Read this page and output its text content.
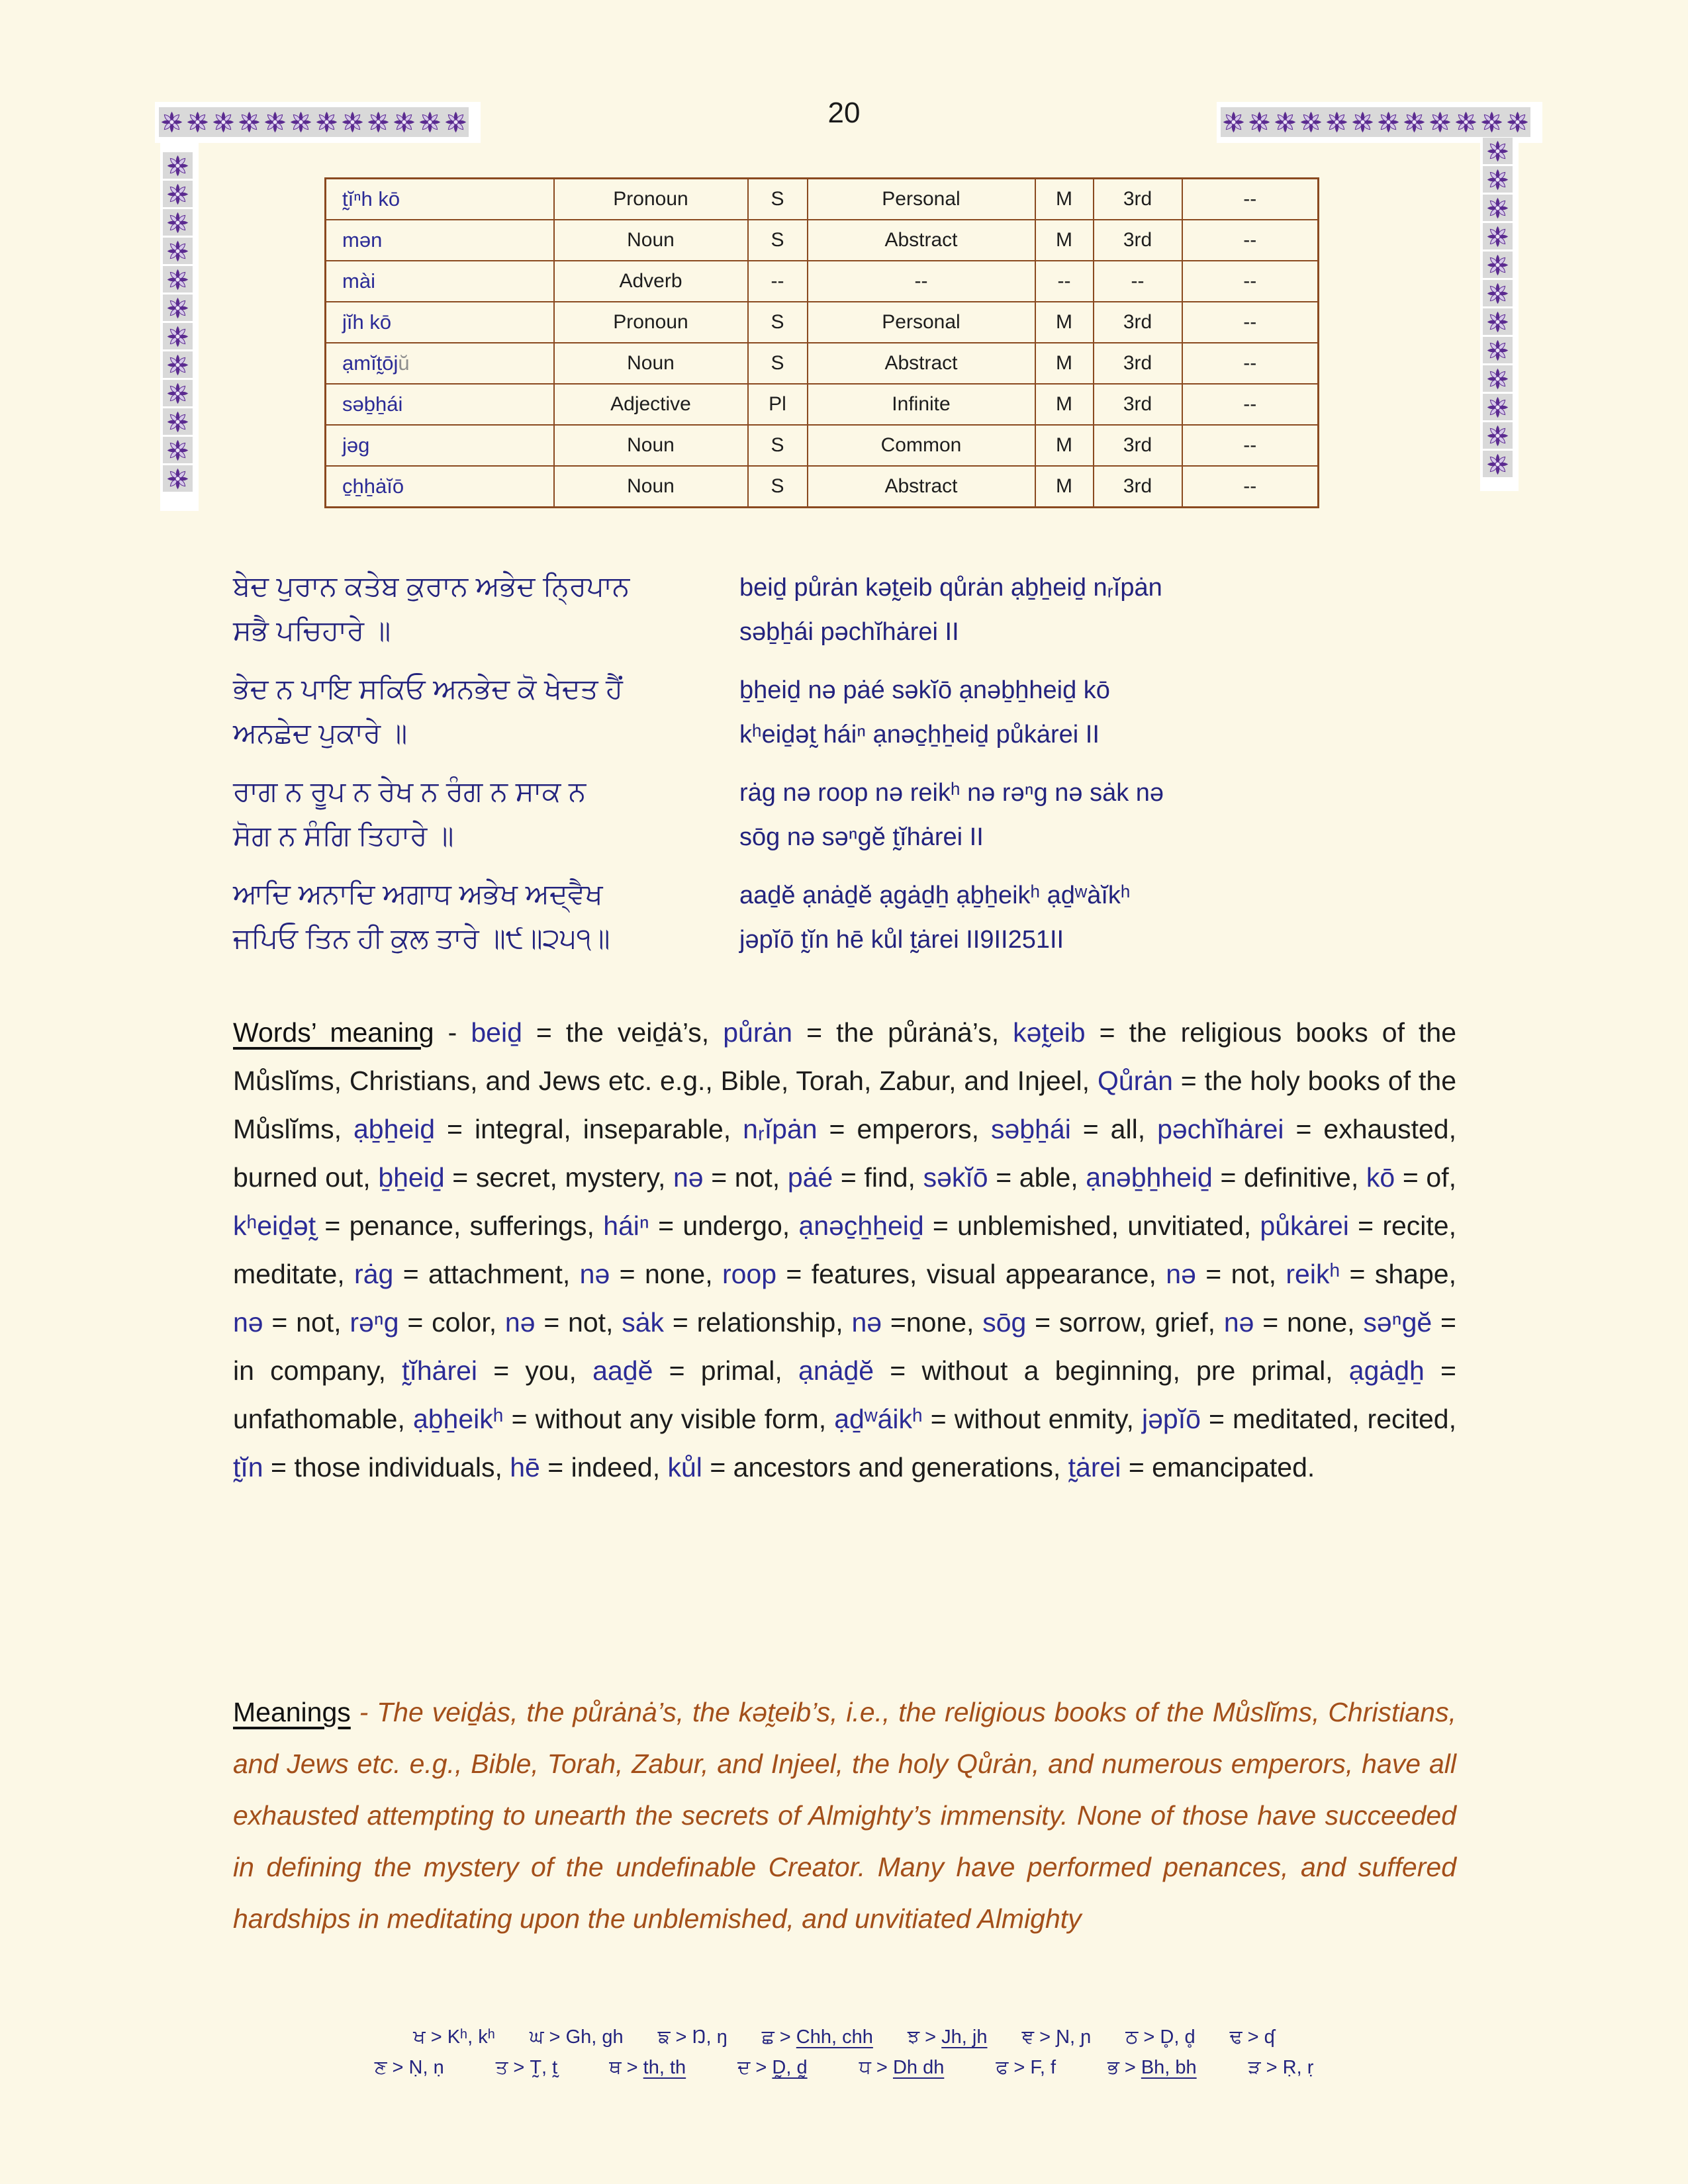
20
t̰ĭⁿh kō	Pronoun	S	Personal	M	3rd	--
mən	Noun	S	Abstract	M	3rd	--
mài	Adverb	--	--	--	--	--
jĭh kō	Pronoun	S	Personal	M	3rd	--
ạmĭt̰ōjŭ	Noun	S	Abstract	M	3rd	--
səḇẖái	Adjective	Pl	Infinite	M	3rd	--
jəg	Noun	S	Common	M	3rd	--
c̱ẖẖȧĭō	Noun	S	Abstract	M	3rd	--
ਬੇਦ ਪੁਰਾਨ ਕਤੇਬ ਕੁਰਾਨ ਅਭੇਦ ਨ੍ਰਿਪਾਨ
ਸਭੈ ਪਚਿਹਾਰੇ ॥
beiḏ půrȧn kət̰eib qůrȧn ạḇẖeiḏ nᵣĭpȧn
səḇẖái pəchĭhȧrei II
ਭੇਦ ਨ ਪਾਇ ਸਕਿਓ ਅਨਭੇਦ ਕੋ ਖੇਦਤ ਹੈਂ
ਅਨਛੇਦ ਪੁਕਾਰੇ ॥
ḇẖeiḏ nə pȧé səkĭō ạnəḇẖheiḏ kō
kʰeiḏət̰ háiⁿ ạnəc̱ẖẖeiḏ půkȧrei II
ਰਾਗ ਨ ਰੂਪ ਨ ਰੇਖ ਨ ਰੰਗ ਨ ਸਾਕ ਨ
ਸੋਗ ਨ ਸੰਗਿ ਤਿਹਾਰੇ ॥
rȧg nə roop nə reikʰ nə rəⁿg nə sȧk nə
sōg nə səⁿgĕ t̰ĭhȧrei II
ਆਦਿ ਅਨਾਦਿ ਅਗਾਧ ਅਭੇਖ ਅਦ੍ਵੈਖ
ਜਪਿਓ ਤਿਨ ਹੀ ਕੁਲ ਤਾਰੇ ॥੯॥੨੫੧॥
aaḏĕ ạnȧḏĕ ạgȧḏẖ ạḇẖeikʰ ạḏʷàĭkʰ
jəpĭō t̰ĭn hē kůl t̰ȧrei II9II251II
Words’ meaning - beiḏ = the veiḏȧ’s, půrȧn = the půrȧnȧ’s, kət̰eib = the religious books of the Můslĭms, Christians, and Jews etc. e.g., Bible, Torah, Zabur, and Injeel, Qůrȧn = the holy books of the Můslĭms, ạḇẖeiḏ = integral, inseparable, nᵣĭpȧn = emperors, səḇẖái = all, pəchĭhȧrei = exhausted, burned out, ḇẖeiḏ = secret, mystery, nə = not, pȧé = find, səkĭō = able, ạnəḇẖheiḏ = definitive, kō = of, kʰeiḏət̰ = penance, sufferings, háiⁿ = undergo, ạnəc̱ẖẖeiḏ = unblemished, unvitiated, půkȧrei = recite, meditate, rȧg = attachment, nə = none, roop = features, visual appearance, nə = not, reikʰ = shape, nə = not, rəⁿg = color, nə = not, sȧk = relationship, nə =none, sōg = sorrow, grief, nə = none, səⁿgĕ = in company, t̰ĭhȧrei = you, aaḏĕ = primal, ạnȧḏĕ = without a beginning, pre primal, ạgȧḏẖ = unfathomable, ạḇẖeikʰ = without any visible form, ạḏʷáikʰ = without enmity, jəpĭō = meditated, recited, t̰ĭn = those individuals, hē = indeed, kůl = ancestors and generations, t̰ȧrei = emancipated.
Meanings - The veiḏȧs, the půrȧnȧ’s, the kət̰eib’s, i.e., the religious books of the Můslĭms, Christians, and Jews etc. e.g., Bible, Torah, Zabur, and Injeel, the holy Qůrȧn, and numerous emperors, have all exhausted attempting to unearth the secrets of Almighty’s immensity. None of those have succeeded in defining the mystery of the undefinable Creator. Many have performed penances, and suffered hardships in meditating upon the unblemished, and unvitiated Almighty
ਖ > Kʰ, kʰ ਘ > Gh, gh ਙ > Ŋ, ŋ ਛ > Chh, chh ਝ > Jh, jh ਞ > Ɲ, ɲ ਠ > D̥, d̥ ਢ > ʠ
ਣ > Ṇ, ṇ	ਤ > T̰, t̰	ਥ > th, th	ਦ > D̰, d̰	ਧ > Dh dh	ਫ > F, f	ਭ > Bh, bh	ੜ > Ṛ, ṛ
